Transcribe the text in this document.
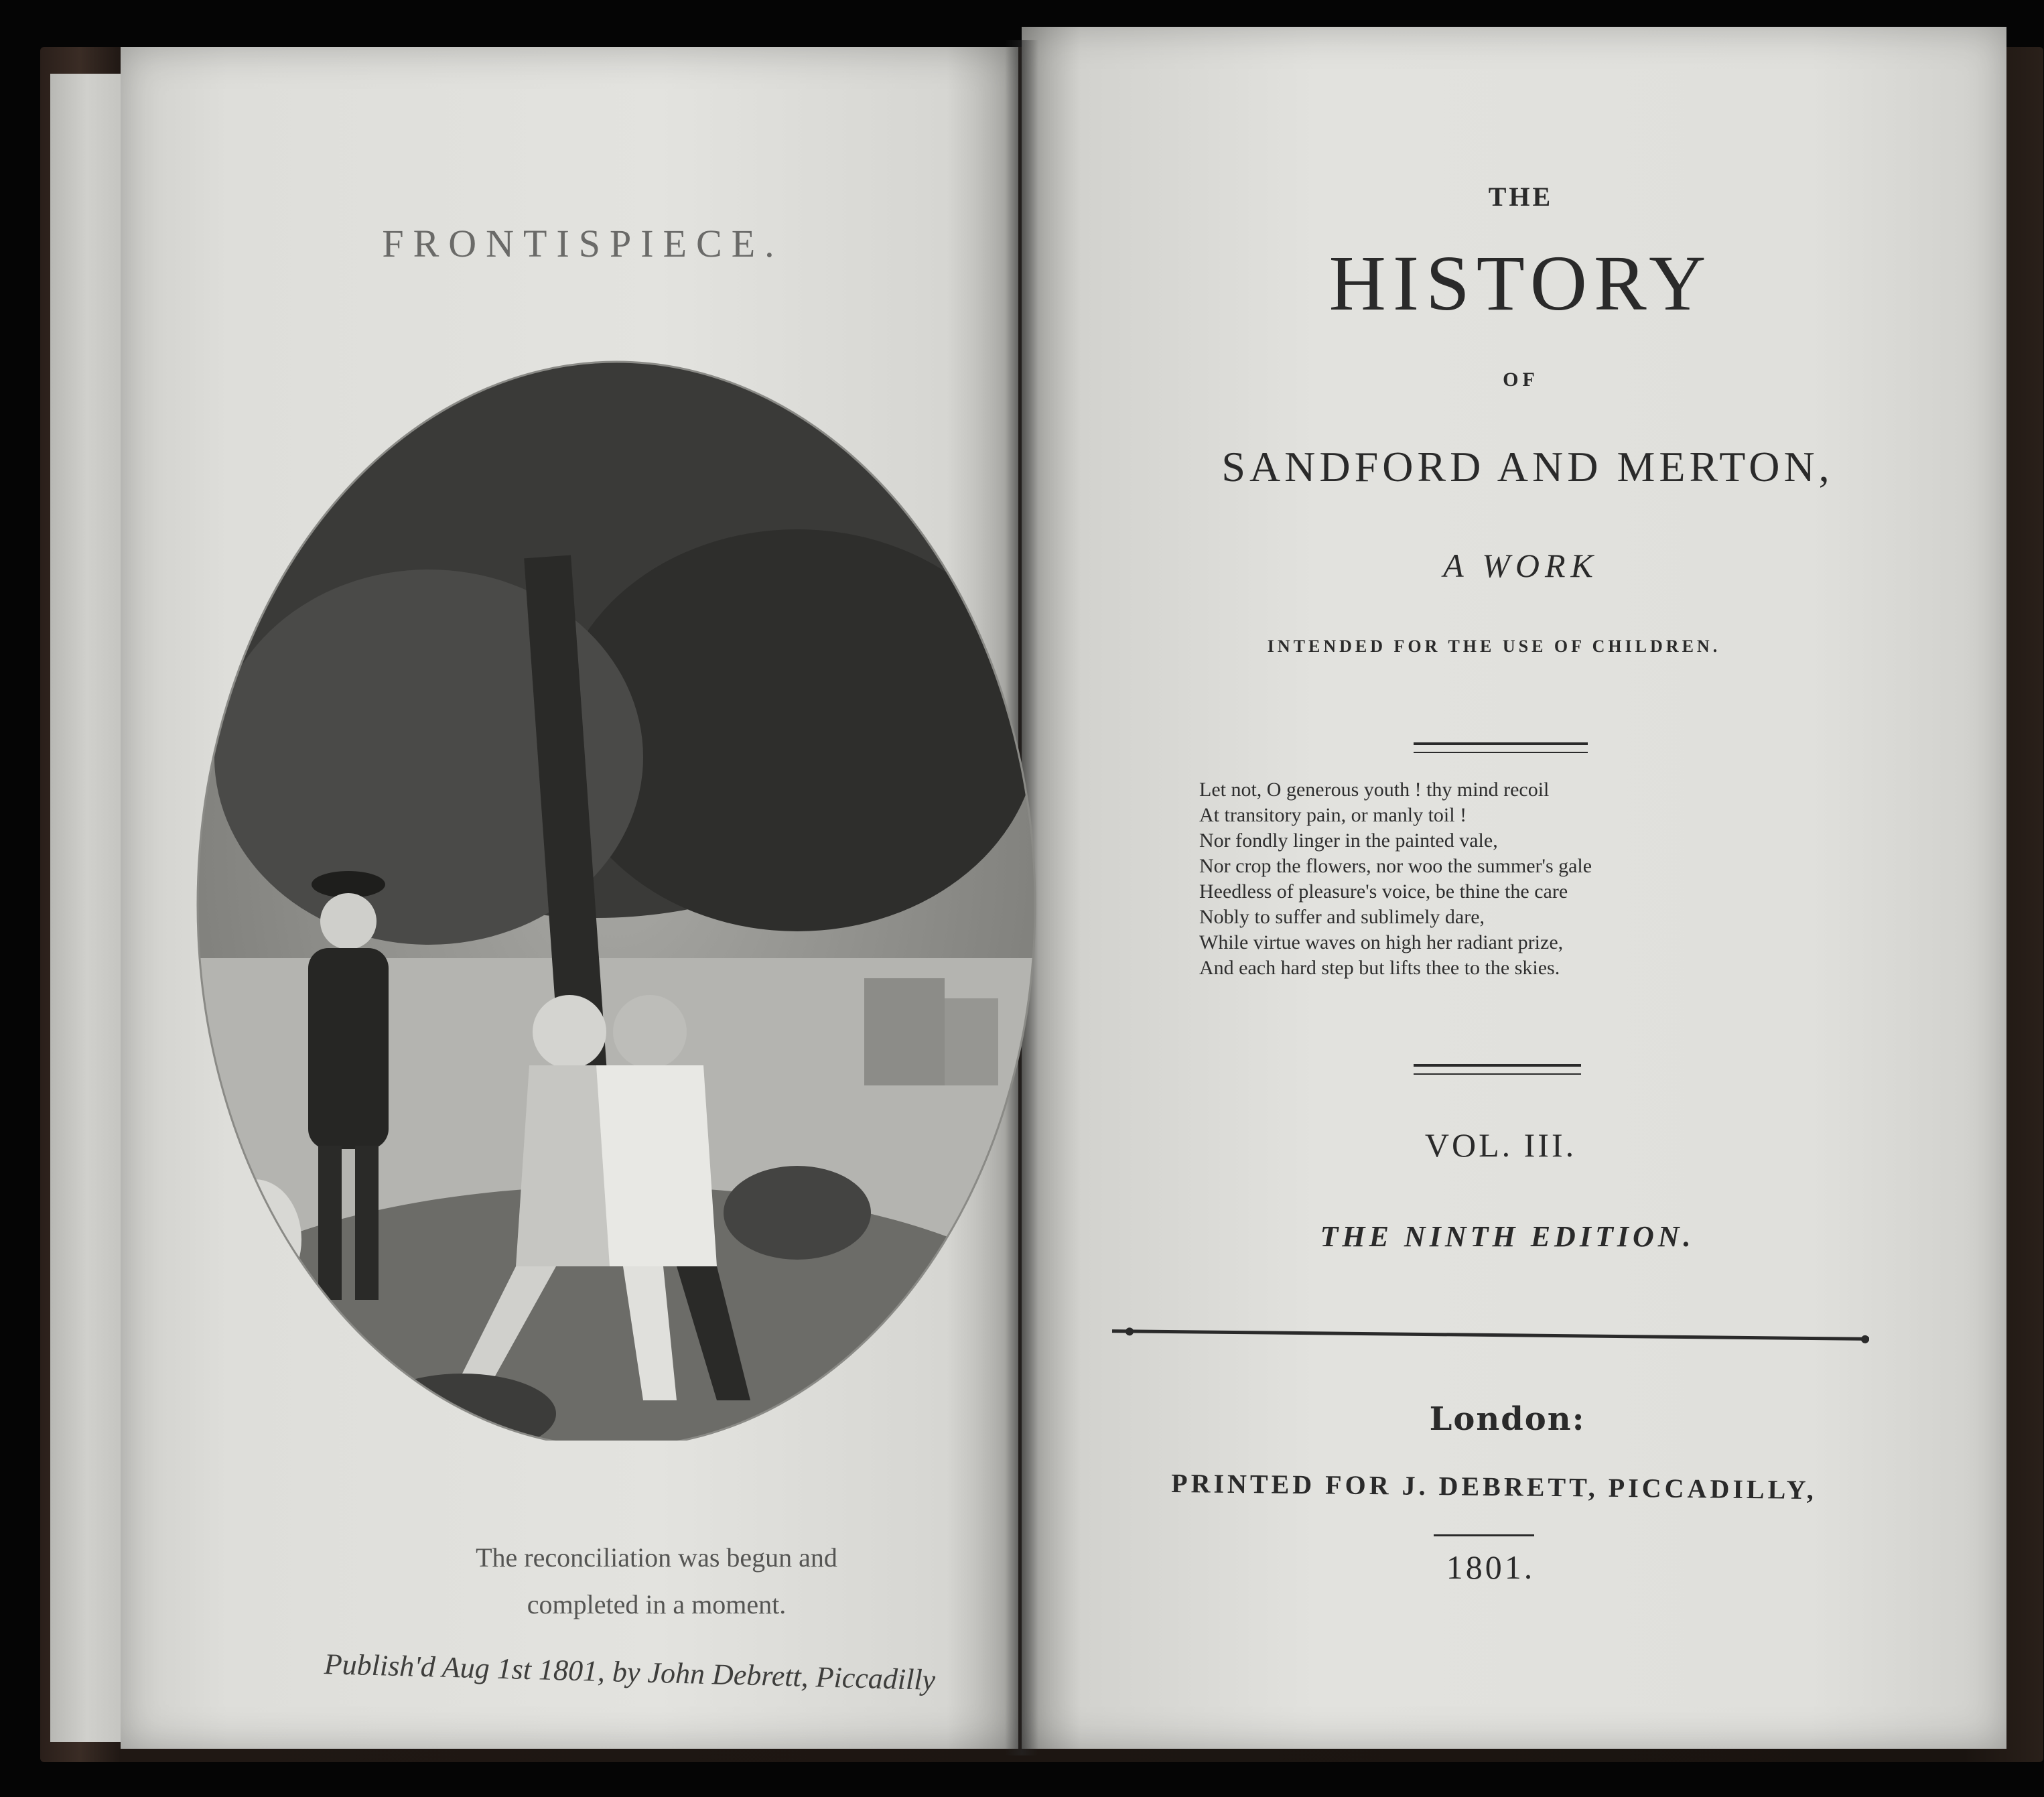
FRONTISPIECE.
The reconciliation was begun and
completed in a moment.
Publish'd Aug 1st 1801, by John Debrett, Piccadilly
THE
HISTORY
OF
SANDFORD AND MERTON,
A WORK
INTENDED FOR THE USE OF CHILDREN.
Let not, O generous youth ! thy mind recoil
At transitory pain, or manly toil !
Nor fondly linger in the painted vale,
Nor crop the flowers, nor woo the summer's gale
Heedless of pleasure's voice, be thine the care
Nobly to suffer and sublimely dare,
While virtue waves on high her radiant prize,
And each hard step but lifts thee to the skies.
VOL. III.
THE NINTH EDITION.
London:
PRINTED FOR J. DEBRETT, PICCADILLY,
1801.
